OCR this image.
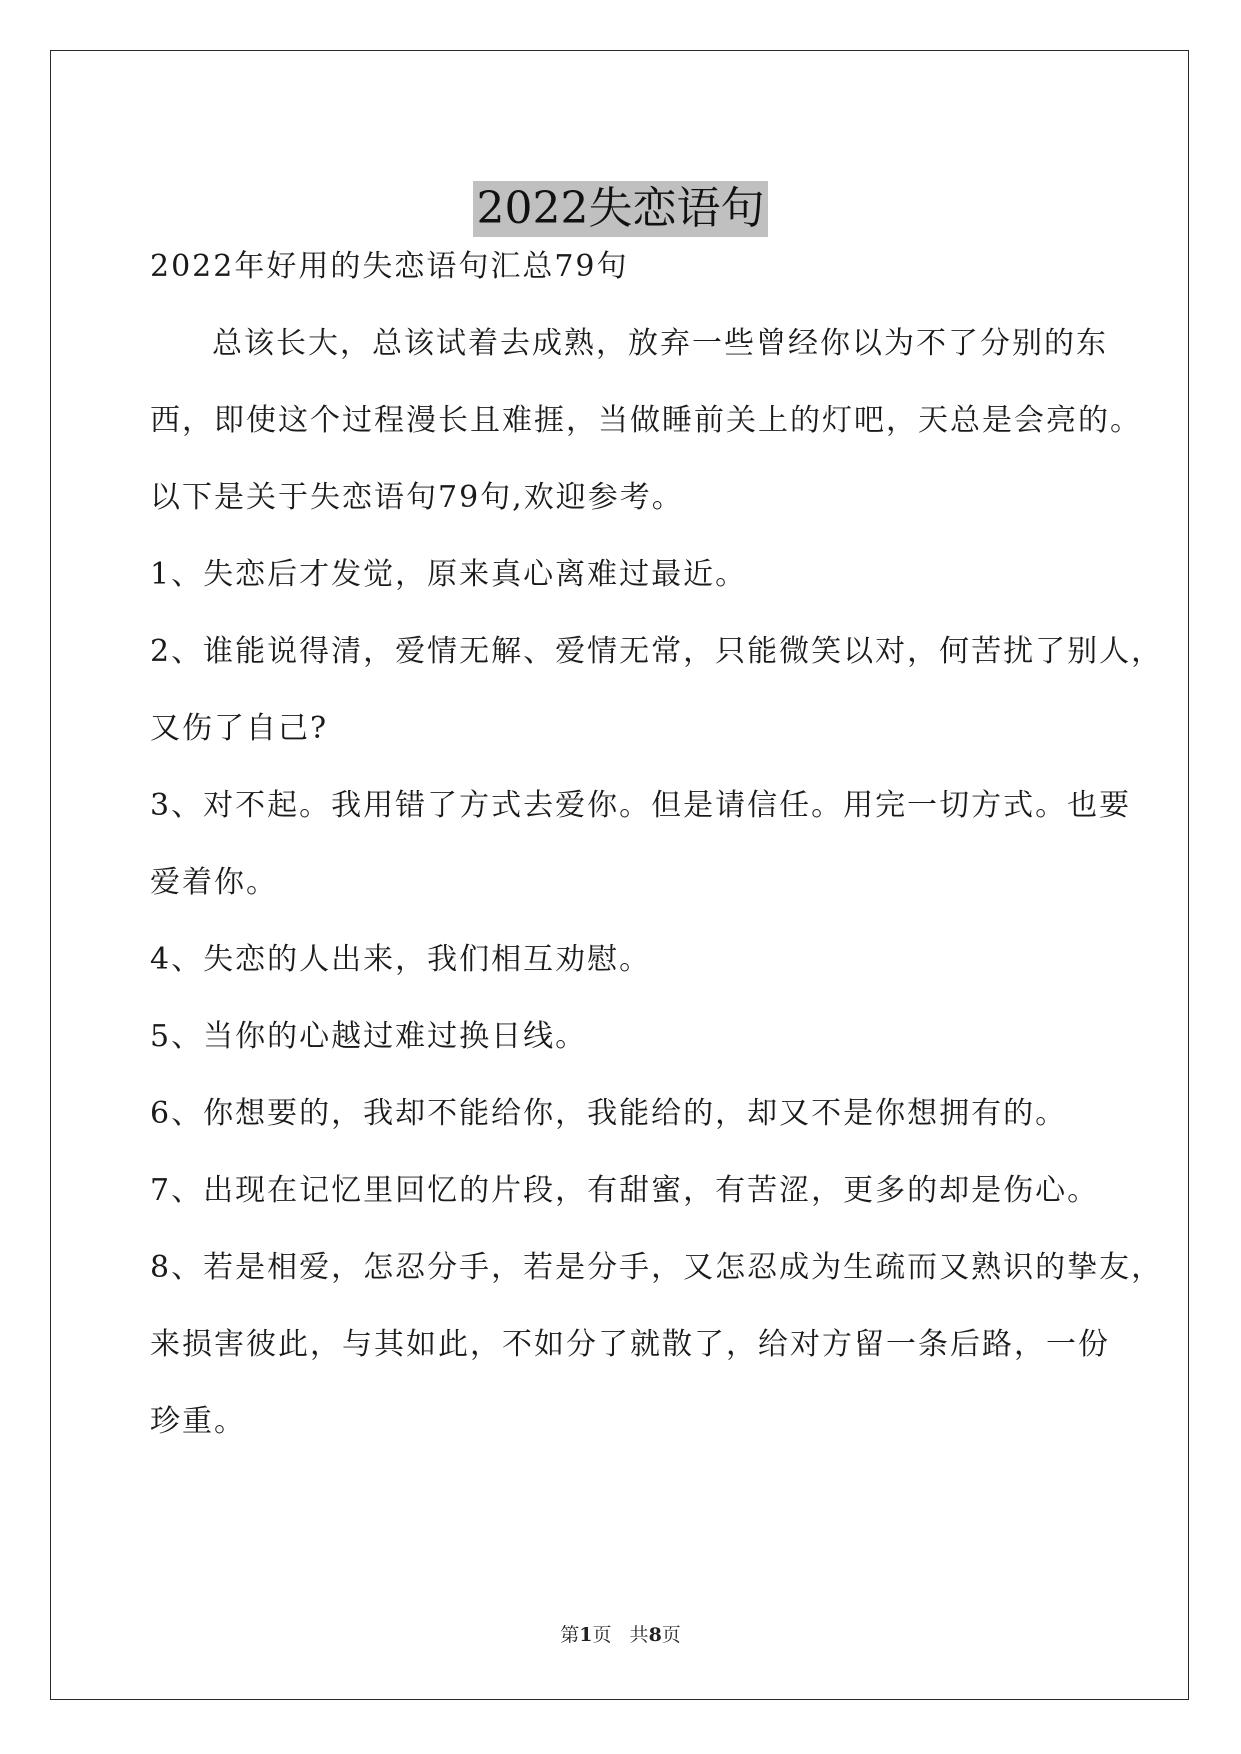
2022失恋语句
2022年好用的失恋语句汇总79句
总该长大，总该试着去成熟，放弃一些曾经你以为不了分别的东
西，即使这个过程漫长且难捱，当做睡前关上的灯吧，天总是会亮的。
以下是关于失恋语句79句,欢迎参考。
1、失恋后才发觉，原来真心离难过最近。
2、谁能说得清，爱情无解、爱情无常，只能微笑以对，何苦扰了别人，
又伤了自己?
3、对不起。我用错了方式去爱你。但是请信任。用完一切方式。也要
爱着你。
4、失恋的人出来，我们相互劝慰。
5、当你的心越过难过换日线。
6、你想要的，我却不能给你，我能给的，却又不是你想拥有的。
7、出现在记忆里回忆的片段，有甜蜜，有苦涩，更多的却是伤心。
8、若是相爱，怎忍分手，若是分手，又怎忍成为生疏而又熟识的挚友，
来损害彼此，与其如此，不如分了就散了，给对方留一条后路，一份
珍重。
第1页   共8页
